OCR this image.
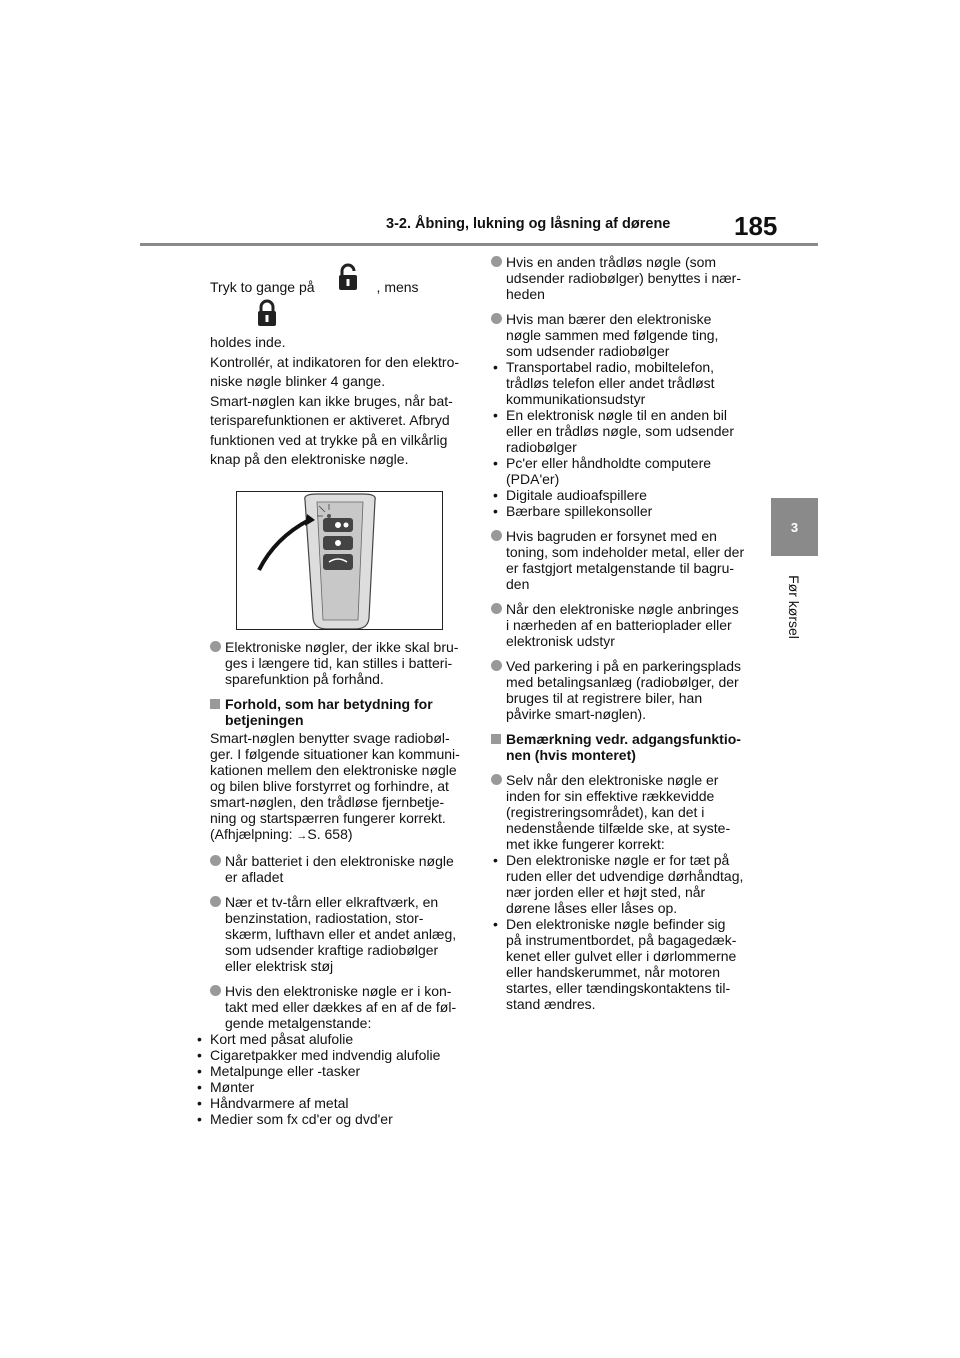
3-2. Åbning, lukning og låsning af dørene 185
3
Før kørsel

Tryk to gange på	, mens

holdes inde.

Kontrollér, at indikatoren for den elektro-

niske nøgle blinker 4 gange.

Smart-nøglen kan ikke bruges, når bat-

terisparefunktionen er aktiveret. Afbryd

funktionen ved at trykke på en vilkårlig

knap på den elektroniske nøgle.

Elektroniske nøgler, der ikke skal bru-
ges i længere tid, kan stilles i batteri-
sparefunktion på forhånd.
Forhold, som har betydning for
betjeningen
Smart-nøglen benytter svage radiobøl-
ger. I følgende situationer kan kommuni-
kationen mellem den elektroniske nøgle
og bilen blive forstyrret og forhindre, at
smart-nøglen, den trådløse fjernbetje-
ning og startspærren fungerer korrekt.
(Afhjælpning: →S. 658)
Når batteriet i den elektroniske nøgle
er afladet
Nær et tv-tårn eller elkraftværk, en
benzinstation, radiostation, stor-
skærm, lufthavn eller et andet anlæg,
som udsender kraftige radiobølger
eller elektrisk støj
Hvis den elektroniske nøgle er i kon-
takt med eller dækkes af en af de føl-
gende metalgenstande:
• Kort med påsat alufolie
• Cigaretpakker med indvendig alufolie
• Metalpunge eller -tasker
• Mønter
• Håndvarmere af metal
• Medier som fx cd'er og dvd'er
Hvis en anden trådløs nøgle (som
udsender radiobølger) benyttes i nær-
heden
Hvis man bærer den elektroniske
nøgle sammen med følgende ting,
som udsender radiobølger
• Transportabel radio, mobiltelefon,
trådløs telefon eller andet trådløst
kommunikationsudstyr
• En elektronisk nøgle til en anden bil
eller en trådløs nøgle, som udsender
radiobølger
• Pc'er eller håndholdte computere
(PDA'er)
• Digitale audioafspillere
• Bærbare spillekonsoller
Hvis bagruden er forsynet med en
toning, som indeholder metal, eller der
er fastgjort metalgenstande til bagru-
den
Når den elektroniske nøgle anbringes
i nærheden af en batterioplader eller
elektronisk udstyr
Ved parkering i på en parkeringsplads
med betalingsanlæg (radiobølger, der
bruges til at registrere biler, han
påvirke smart-nøglen).
Bemærkning vedr. adgangsfunktio-
nen (hvis monteret)
Selv når den elektroniske nøgle er
inden for sin effektive rækkevidde
(registreringsområdet), kan det i
nedenstående tilfælde ske, at syste-
met ikke fungerer korrekt:
• Den elektroniske nøgle er for tæt på
ruden eller det udvendige dørhåndtag,
nær jorden eller et højt sted, når
dørene låses eller låses op.
• Den elektroniske nøgle befinder sig
på instrumentbordet, på bagagedæk-
kenet eller gulvet eller i dørlommerne
eller handskerummet, når motoren
startes, eller tændingskontaktens til-
stand ændres.
